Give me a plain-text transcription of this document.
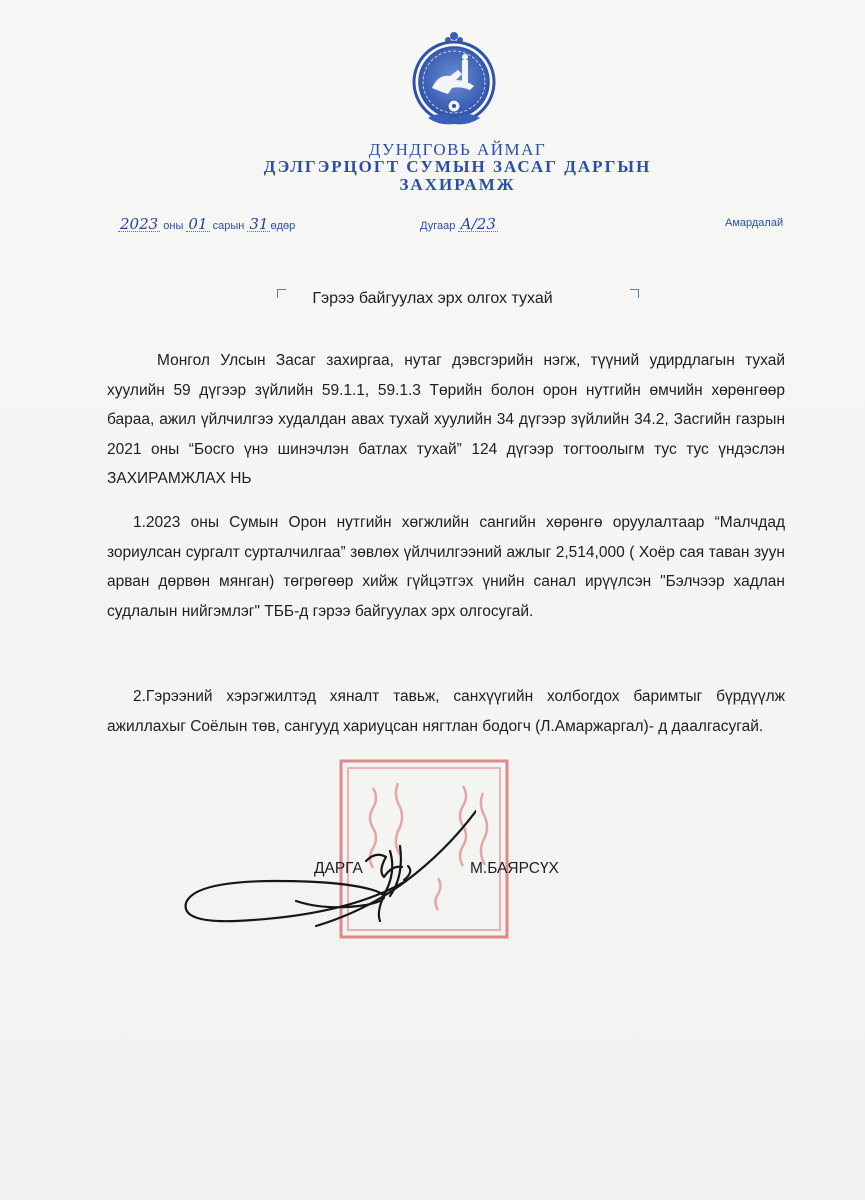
ДУНДГОВЬ АЙМАГ
ДЭЛГЭРЦОГТ СУМЫН ЗАСАГ ДАРГЫН
ЗАХИРАМЖ
2023 оны 01 сарын 31 өдөр	Дугаар А/23	Амардалай
Гэрээ байгуулах эрх олгох тухай
Монгол Улсын Засаг захиргаа, нутаг дэвсгэрийн нэгж, түүний удирдлагын тухай хуулийн 59 дүгээр зүйлийн 59.1.1, 59.1.3 Төрийн болон орон нутгийн өмчийн хөрөнгөөр бараа, ажил үйлчилгээ худалдан авах тухай хуулийн 34 дүгээр зүйлийн 34.2, Засгийн газрын 2021 оны “Босго үнэ шинэчлэн батлах тухай” 124 дүгээр тогтоолыгм тус тус үндэслэн ЗАХИРАМЖЛАХ НЬ
1.2023 оны Сумын Орон нутгийн хөгжлийн сангийн хөрөнгө оруулалтаар “Малчдад зориулсан сургалт сурталчилгаа” зөвлөх үйлчилгээний ажлыг 2,514,000 ( Хоёр сая таван зуун арван дөрвөн мянган) төгрөгөөр хийж гүйцэтгэх үнийн санал ирүүлсэн "Бэлчээр хадлан судлалын нийгэмлэг" ТББ-д гэрээ байгуулах эрх олгосугай.
2.Гэрээний хэрэгжилтэд хяналт тавьж, санхүүгийн холбогдох баримтыг бүрдүүлж ажиллахыг Соёлын төв, сангууд хариуцсан нягтлан бодогч (Л.Амаржаргал)- д даалгасугай.
ДАРГА	М.БАЯРСҮХ
